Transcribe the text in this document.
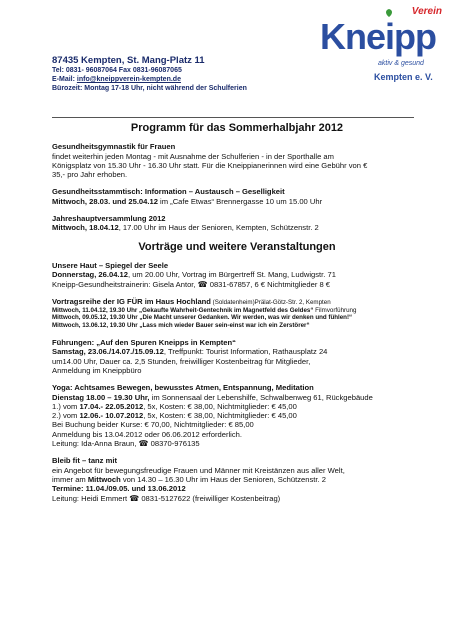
87435 Kempten, St. Mang-Platz 11
Tel: 0831- 96087064 Fax 0831-96087065
E-Mail: info@kneippverein-kempten.de
Bürozeit: Montag 17-18 Uhr, nicht während der Schulferien
Verein
Kneipp
aktiv & gesund
Kempten e. V.
Programm für das Sommerhalbjahr 2012

Gesundheitsgymnastik für Frauen

findet weiterhin jeden Montag - mit Ausnahme der Schulferien - in der Sporthalle am

Königsplatz von 15.30 Uhr - 16.30 Uhr statt. Für die Kneippianerinnen wird eine Gebühr von €

35,- pro Jahr erhoben.

Gesundheitsstammtisch: Information – Austausch – Geselligkeit

Mittwoch, 28.03. und 25.04.12 im „Cafe Etwas“ Brennergasse 10 um 15.00 Uhr

Jahreshauptversammlung 2012

Mittwoch, 18.04.12, 17.00 Uhr im Haus der Senioren, Kempten, Schützenstr. 2

Vorträge und weitere Veranstaltungen

Unsere Haut – Spiegel der Seele

Donnerstag, 26.04.12, um 20.00 Uhr, Vortrag im Bürgertreff St. Mang, Ludwigstr. 71

Kneipp-Gesundheitstrainerin: Gisela Antor, ☎ 0831-67857, 6 € Nichtmitglieder 8 €

Vortragsreihe der IG FÜR im Haus Hochland (Soldatenheim)Prälat-Götz-Str. 2, Kempten

Mittwoch, 11.04.12, 19.30 Uhr „Gekaufte Wahrheit-Gentechnik im Magnetfeld des Geldes“ Filmvorführung

Mittwoch, 09.05.12, 19.30 Uhr „Die Macht unserer Gedanken. Wir werden, was wir denken und fühlen!“

Mittwoch, 13.06.12, 19.30 Uhr „Lass mich wieder Bauer sein-einst war ich ein Zerstörer“

Führungen: „Auf den Spuren Kneipps in Kempten“

Samstag, 23.06./14.07./15.09.12, Treffpunkt: Tourist Information, Rathausplatz 24

um14.00 Uhr, Dauer ca. 2,5 Stunden, freiwilliger Kostenbeitrag für Mitglieder,

Anmeldung im Kneippbüro

Yoga: Achtsames Bewegen, bewusstes Atmen, Entspannung, Meditation

Dienstag 18.00 – 19.30 Uhr, im Sonnensaal der Lebenshilfe, Schwalbenweg 61, Rückgebäude

1.) vom 17.04.- 22.05.2012, 5x, Kosten: € 38,00, Nichtmitglieder: € 45,00

2.) vom 12.06.- 10.07.2012, 5x, Kosten: € 38,00, Nichtmitglieder: € 45,00

Bei Buchung beider Kurse: € 70,00, Nichtmitglieder: € 85,00

Anmeldung bis 13.04.2012 oder 06.06.2012 erforderlich.

Leitung: Ida-Anna Braun, ☎ 08370-976135

Bleib fit – tanz mit

ein Angebot für bewegungsfreudige Frauen und Männer mit Kreistänzen aus aller Welt,

immer am Mittwoch von 14.30 – 16.30 Uhr im Haus der Senioren, Schützenstr. 2

Termine: 11.04./09.05. und 13.06.2012

Leitung: Heidi Emmert ☎ 0831-5127622 (freiwilliger Kostenbeitrag)
